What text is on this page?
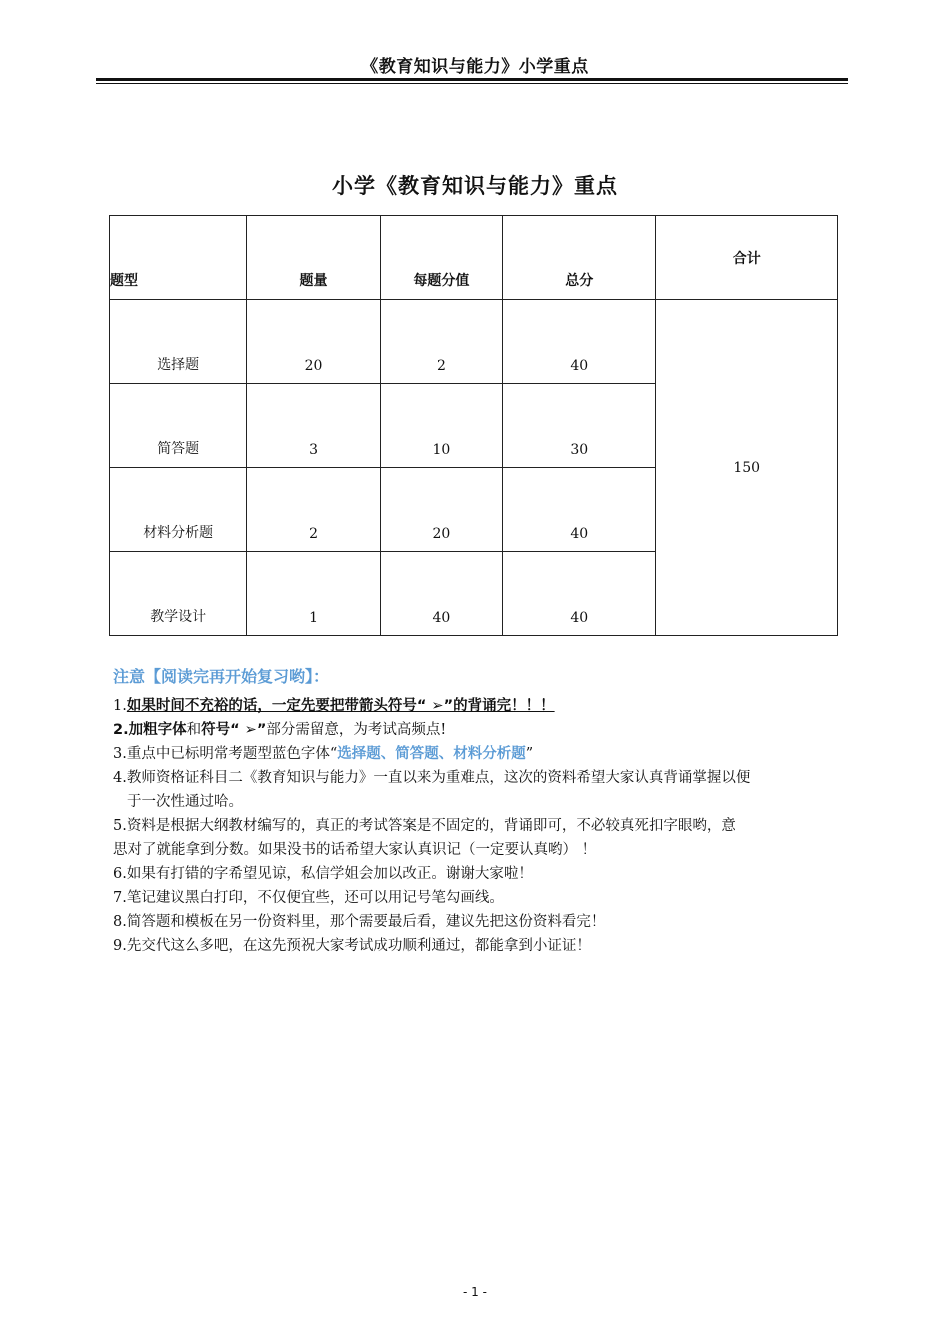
《教育知识与能力》小学重点
小学《教育知识与能力》重点
题型	题量	每题分值	总分	合计
选择题	20	2	40	150
简答题	3	10	30	
材料分析题	2	20	40	
教学设计	1	40	40	
注意【阅读完再开始复习哟】：
1.如果时间不充裕的话，一定先要把带箭头符号“ ➢”的背诵完！！！
2.加粗字体和符号“ ➢”部分需留意，为考试高频点!
3.重点中已标明常考题型蓝色字体“选择题、简答题、材料分析题”
4.教师资格证科目二《教育知识与能力》一直以来为重难点，这次的资料希望大家认真背诵掌握以便
于一次性通过哈。
5.资料是根据大纲教材编写的，真正的考试答案是不固定的，背诵即可，不必较真死扣字眼哟，意
思对了就能拿到分数。如果没书的话希望大家认真识记（一定要认真哟） ！
6.如果有打错的字希望见谅，私信学姐会加以改正。谢谢大家啦！
7.笔记建议黑白打印，不仅便宜些，还可以用记号笔勾画线。
8.简答题和模板在另一份资料里，那个需要最后看，建议先把这份资料看完！
9.先交代这么多吧，在这先预祝大家考试成功顺利通过，都能拿到小证证！
- 1 -
